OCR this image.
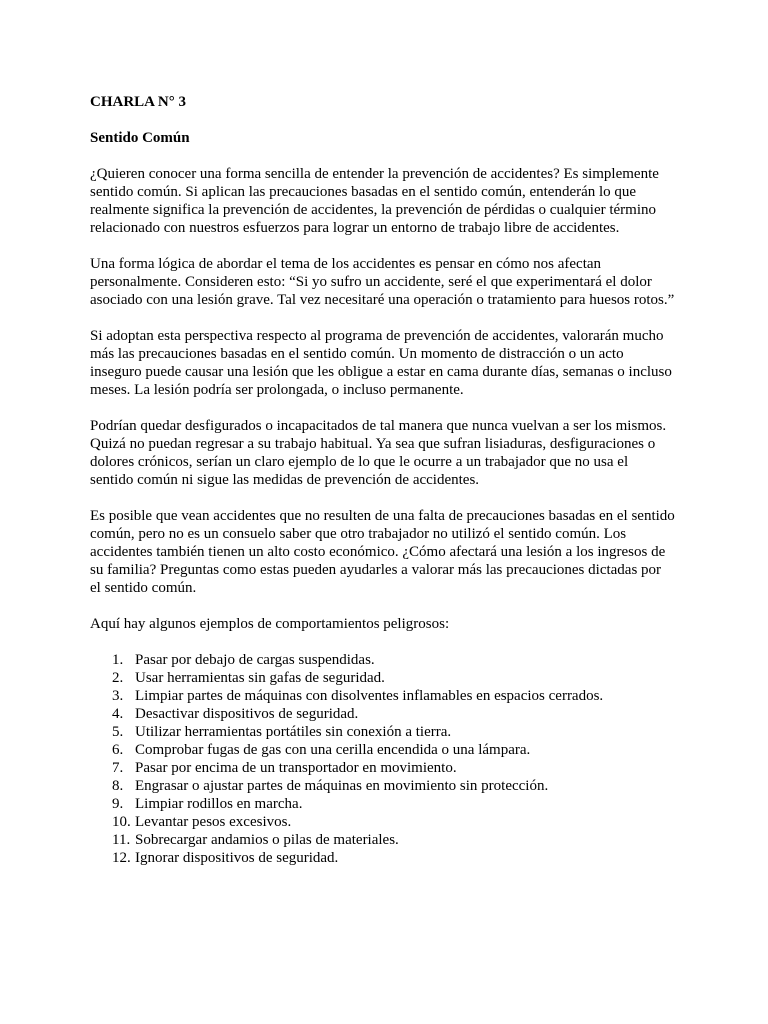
CHARLA N° 3

Sentido Común

¿Quieren conocer una forma sencilla de entender la prevención de accidentes? Es simplemente sentido común. Si aplican las precauciones basadas en el sentido común, entenderán lo que realmente significa la prevención de accidentes, la prevención de pérdidas o cualquier término relacionado con nuestros esfuerzos para lograr un entorno de trabajo libre de accidentes.

Una forma lógica de abordar el tema de los accidentes es pensar en cómo nos afectan personalmente. Consideren esto: “Si yo sufro un accidente, seré el que experimentará el dolor asociado con una lesión grave. Tal vez necesitaré una operación o tratamiento para huesos rotos.”

Si adoptan esta perspectiva respecto al programa de prevención de accidentes, valorarán mucho más las precauciones basadas en el sentido común. Un momento de distracción o un acto inseguro puede causar una lesión que les obligue a estar en cama durante días, semanas o incluso meses. La lesión podría ser prolongada, o incluso permanente.

Podrían quedar desfigurados o incapacitados de tal manera que nunca vuelvan a ser los mismos. Quizá no puedan regresar a su trabajo habitual. Ya sea que sufran lisiaduras, desfiguraciones o dolores crónicos, serían un claro ejemplo de lo que le ocurre a un trabajador que no usa el sentido común ni sigue las medidas de prevención de accidentes.

Es posible que vean accidentes que no resulten de una falta de precauciones basadas en el sentido común, pero no es un consuelo saber que otro trabajador no utilizó el sentido común. Los accidentes también tienen un alto costo económico. ¿Cómo afectará una lesión a los ingresos de su familia? Preguntas como estas pueden ayudarles a valorar más las precauciones dictadas por el sentido común.

Aquí hay algunos ejemplos de comportamientos peligrosos:

1. Pasar por debajo de cargas suspendidas.
2. Usar herramientas sin gafas de seguridad.
3. Limpiar partes de máquinas con disolventes inflamables en espacios cerrados.
4. Desactivar dispositivos de seguridad.
5. Utilizar herramientas portátiles sin conexión a tierra.
6. Comprobar fugas de gas con una cerilla encendida o una lámpara.
7. Pasar por encima de un transportador en movimiento.
8. Engrasar o ajustar partes de máquinas en movimiento sin protección.
9. Limpiar rodillos en marcha.
10. Levantar pesos excesivos.
11. Sobrecargar andamios o pilas de materiales.
12. Ignorar dispositivos de seguridad.
